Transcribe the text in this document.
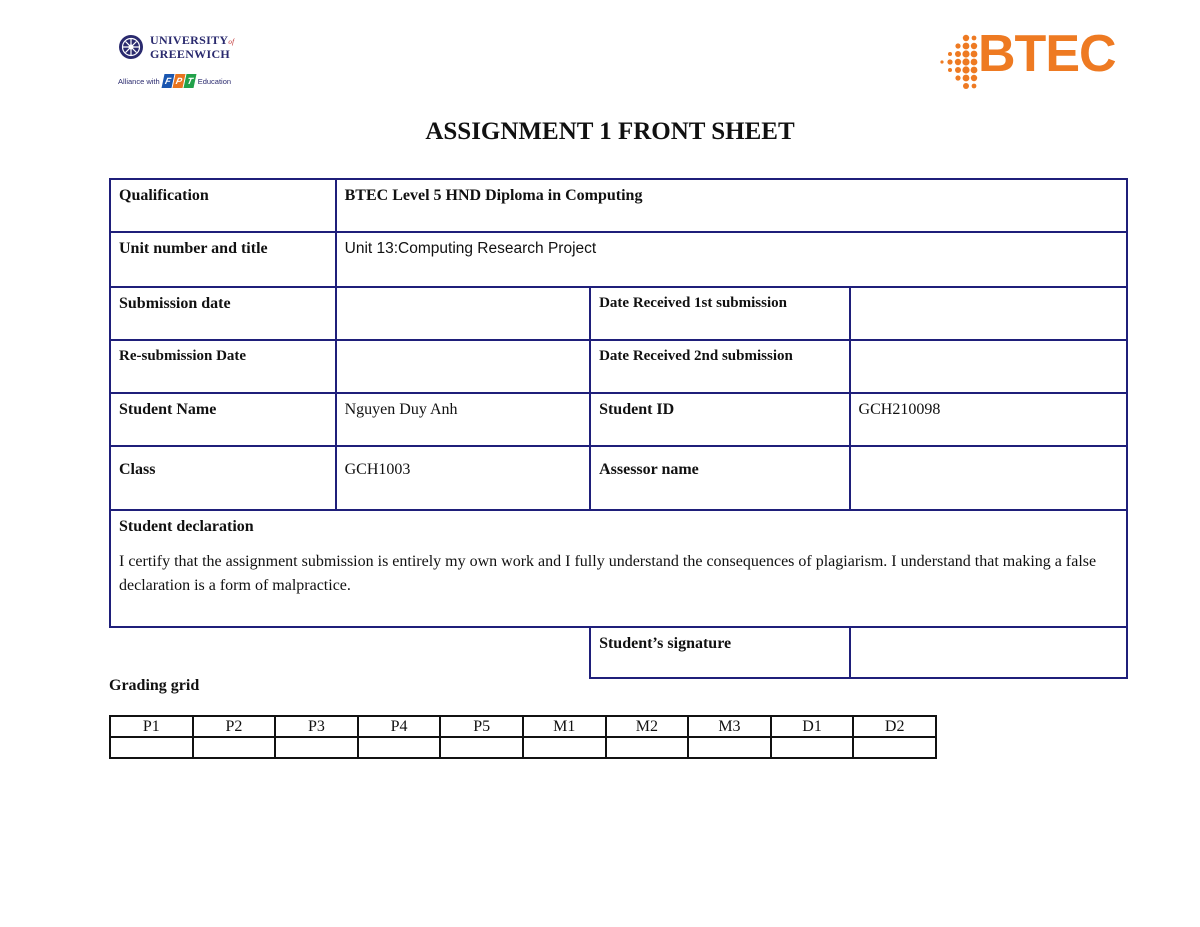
UNIVERSITYof
GREENWICH
Alliance with F P T Education	BTEC
ASSIGNMENT 1 FRONT SHEET
Qualification	BTEC Level 5 HND Diploma in Computing		
Unit number and title	Unit 13:Computing Research Project		
Submission date		Date Received 1st submission	
Re-submission Date		Date Received 2nd submission	
Student Name	Nguyen Duy Anh	Student ID	GCH210098
Class	GCH1003	Assessor name	

Student declaration
I certify that the assignment submission is entirely my own work and I fully understand the consequences of plagiarism. I understand that making a false declaration is a form of malpractice.			

		Student’s signature	
Grading grid
P1	P2	P3	P4	P5	M1	M2	M3	D1	D2
